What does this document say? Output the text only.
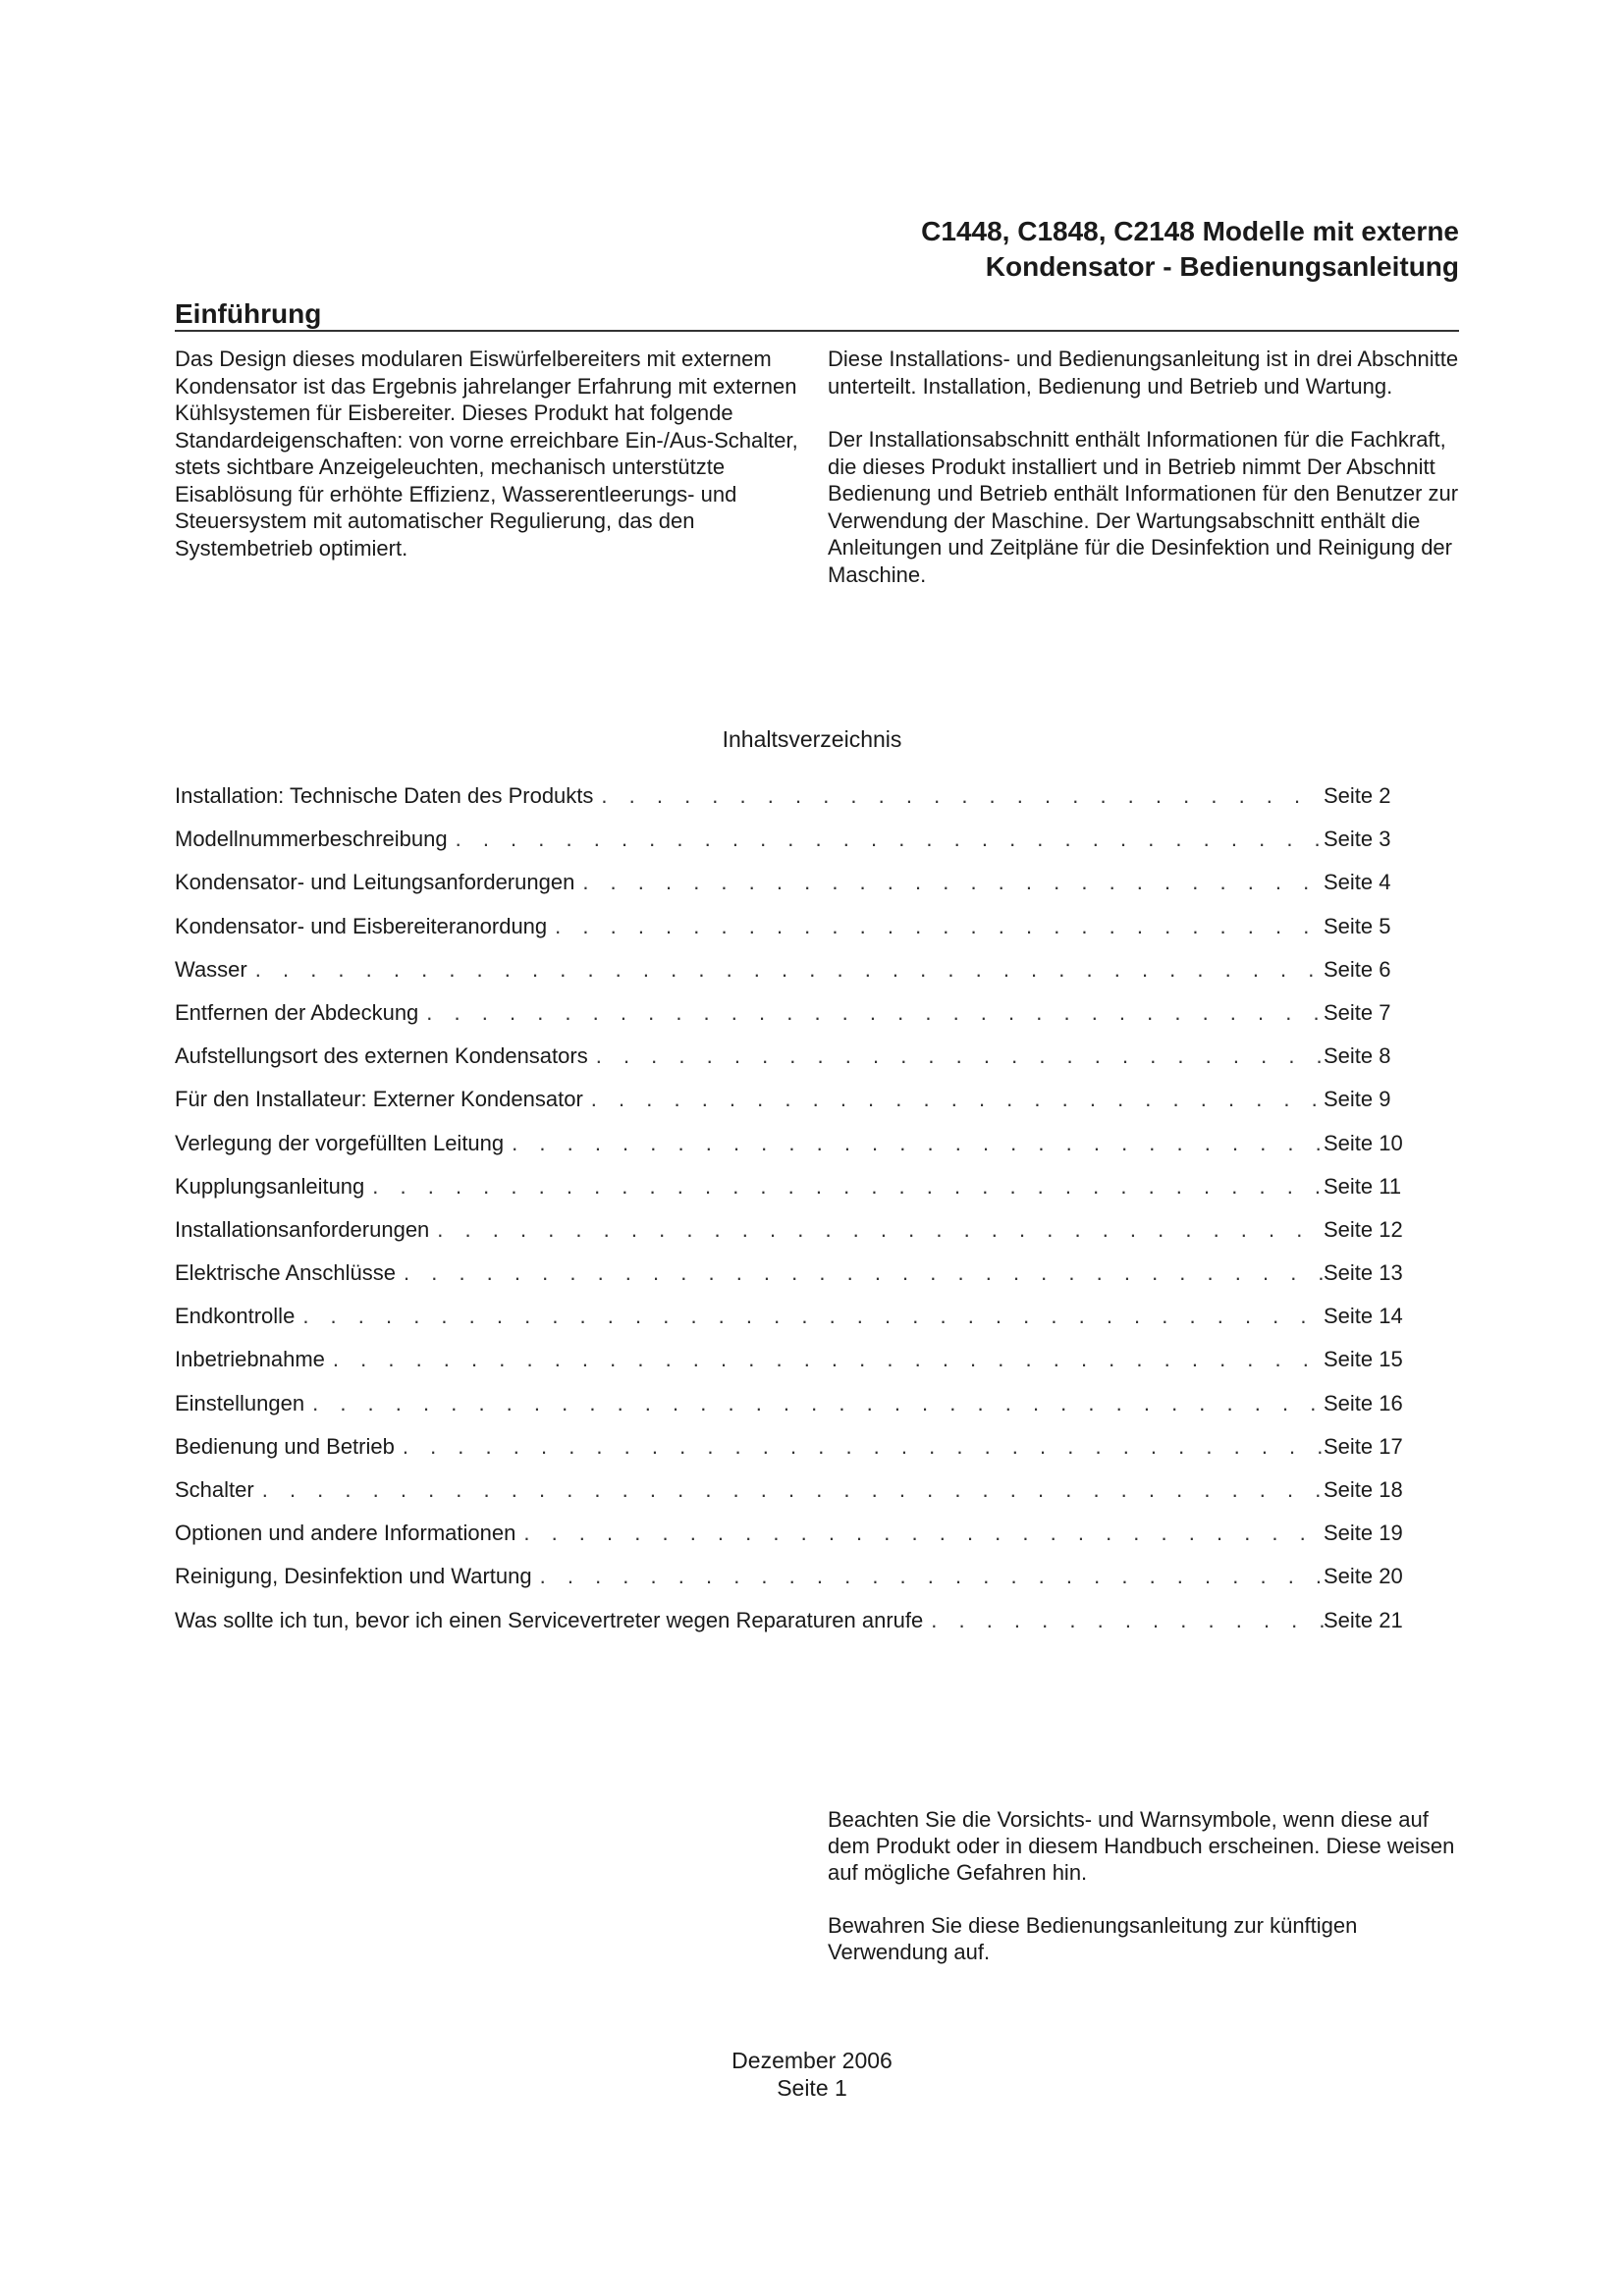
C1448, C1848, C2148 Modelle mit externe
Kondensator - Bedienungsanleitung
Einführung

Das Design dieses modularen Eiswürfelbereiters mit externem Kondensator ist das Ergebnis jahrelanger Erfahrung mit externen Kühlsystemen für Eisbereiter. Dieses Produkt hat folgende Standardeigenschaften: von vorne erreichbare Ein-/Aus-Schalter, stets sichtbare Anzeigeleuchten, mechanisch unterstützte Eisablösung für erhöhte Effizienz, Wasserentleerungs- und Steuersystem mit automatischer Regulierung, das den Systembetrieb optimiert.

Diese Installations- und Bedienungsanleitung ist in drei Abschnitte unterteilt. Installation, Bedienung und Betrieb und Wartung.

Der Installationsabschnitt enthält Informationen für die Fachkraft, die dieses Produkt installiert und in Betrieb nimmt Der Abschnitt Bedienung und Betrieb enthält Informationen für den Benutzer zur Verwendung der Maschine. Der Wartungsabschnitt enthält die Anleitungen und Zeitpläne für die Desinfektion und Reinigung der Maschine.

Inhaltsverzeichnis
Installation: Technische Daten des Produkts . . .	Seite 2
Modellnummerbeschreibung . . .	Seite 3
Kondensator- und Leitungsanforderungen . . .	Seite 4
Kondensator- und Eisbereiteranordung . . .	Seite 5
Wasser . . .	Seite 6
Entfernen der Abdeckung . . .	Seite 7
Aufstellungsort des externen Kondensators . . .	Seite 8
Für den Installateur: Externer Kondensator . . .	Seite 9
Verlegung der vorgefüllten Leitung . . .	Seite 10
Kupplungsanleitung . . .	Seite 11
Installationsanforderungen . . .	Seite 12
Elektrische Anschlüsse . . .	Seite 13
Endkontrolle . . .	Seite 14
Inbetriebnahme . . .	Seite 15
Einstellungen . . .	Seite 16
Bedienung und Betrieb . . .	Seite 17
Schalter . . .	Seite 18
Optionen und andere Informationen . . .	Seite 19
Reinigung, Desinfektion und Wartung . . .	Seite 20
Was sollte ich tun, bevor ich einen Servicevertreter wegen Reparaturen anrufe . . .	Seite 21

Beachten Sie die Vorsichts- und Warnsymbole, wenn diese auf dem Produkt oder in diesem Handbuch erscheinen. Diese weisen auf mögliche Gefahren hin.

Bewahren Sie diese Bedienungsanleitung zur künftigen Verwendung auf.

Dezember 2006
Seite 1
